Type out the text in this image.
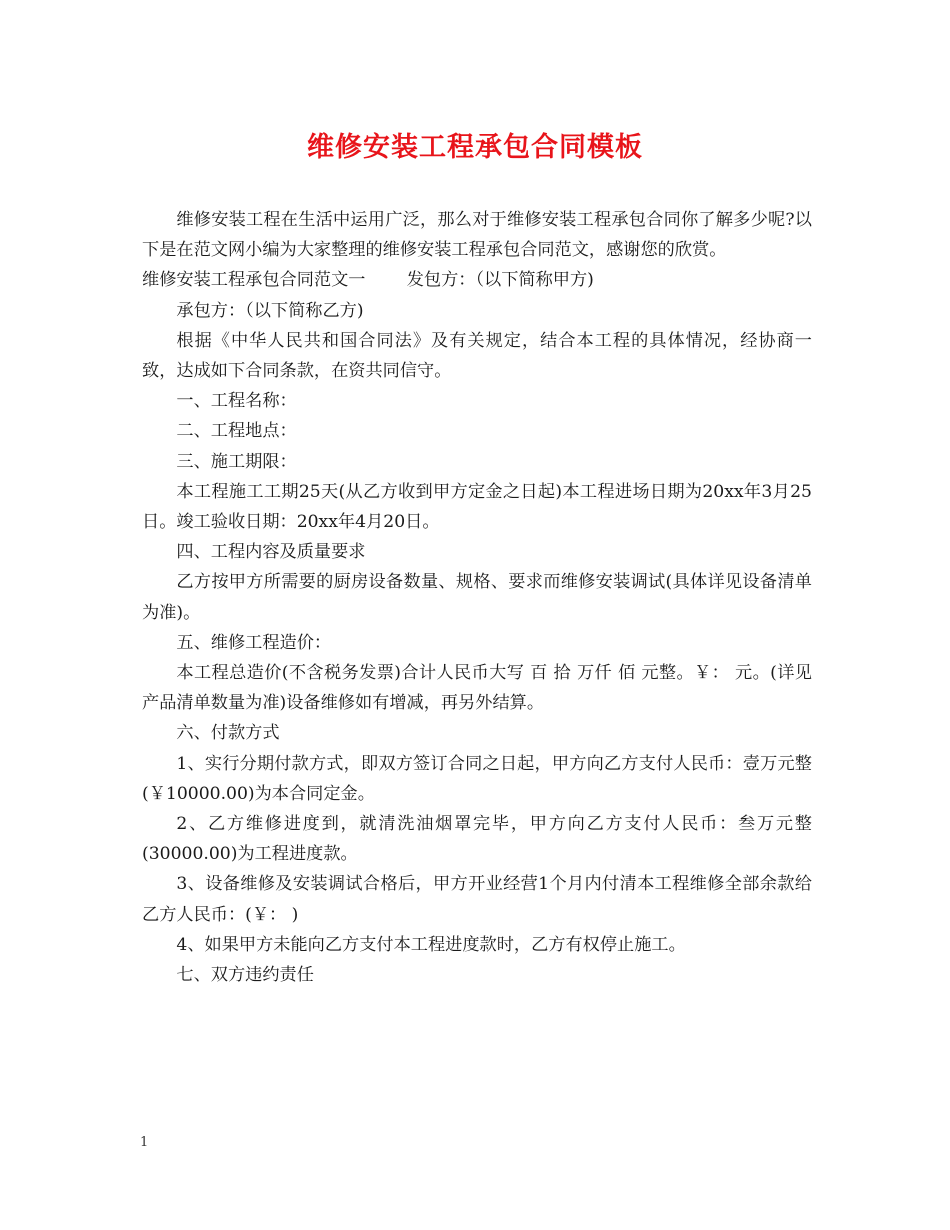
维修安装工程承包合同模板

维修安装工程在生活中运用广泛，那么对于维修安装工程承包合同你了解多少呢?以下是在范文网小编为大家整理的维修安装工程承包合同范文，感谢您的欣赏。

维修安装工程承包合同范文一 发包方：（以下简称甲方)

承包方：（以下简称乙方)

根据《中华人民共和国合同法》及有关规定，结合本工程的具体情况，经协商一致，达成如下合同条款，在资共同信守。

一、工程名称：

二、工程地点：

三、施工期限：

本工程施工工期25天(从乙方收到甲方定金之日起)本工程进场日期为20xx年3月25日。竣工验收日期：20xx年4月20日。

四、工程内容及质量要求

乙方按甲方所需要的厨房设备数量、规格、要求而维修安装调试(具体详见设备清单为准)。

五、维修工程造价：

本工程总造价(不含税务发票)合计人民币大写 百 拾 万仟 佰 元整。￥： 元。(详见产品清单数量为准)设备维修如有增减，再另外结算。

六、付款方式

1、实行分期付款方式，即双方签订合同之日起，甲方向乙方支付人民币：壹万元整(￥10000.00)为本合同定金。

2、乙方维修进度到，就清洗油烟罩完毕，甲方向乙方支付人民币：叁万元整(30000.00)为工程进度款。

3、设备维修及安装调试合格后，甲方开业经营1个月内付清本工程维修全部余款给乙方人民币：(￥： )

4、如果甲方未能向乙方支付本工程进度款时，乙方有权停止施工。

七、双方违约责任

1
